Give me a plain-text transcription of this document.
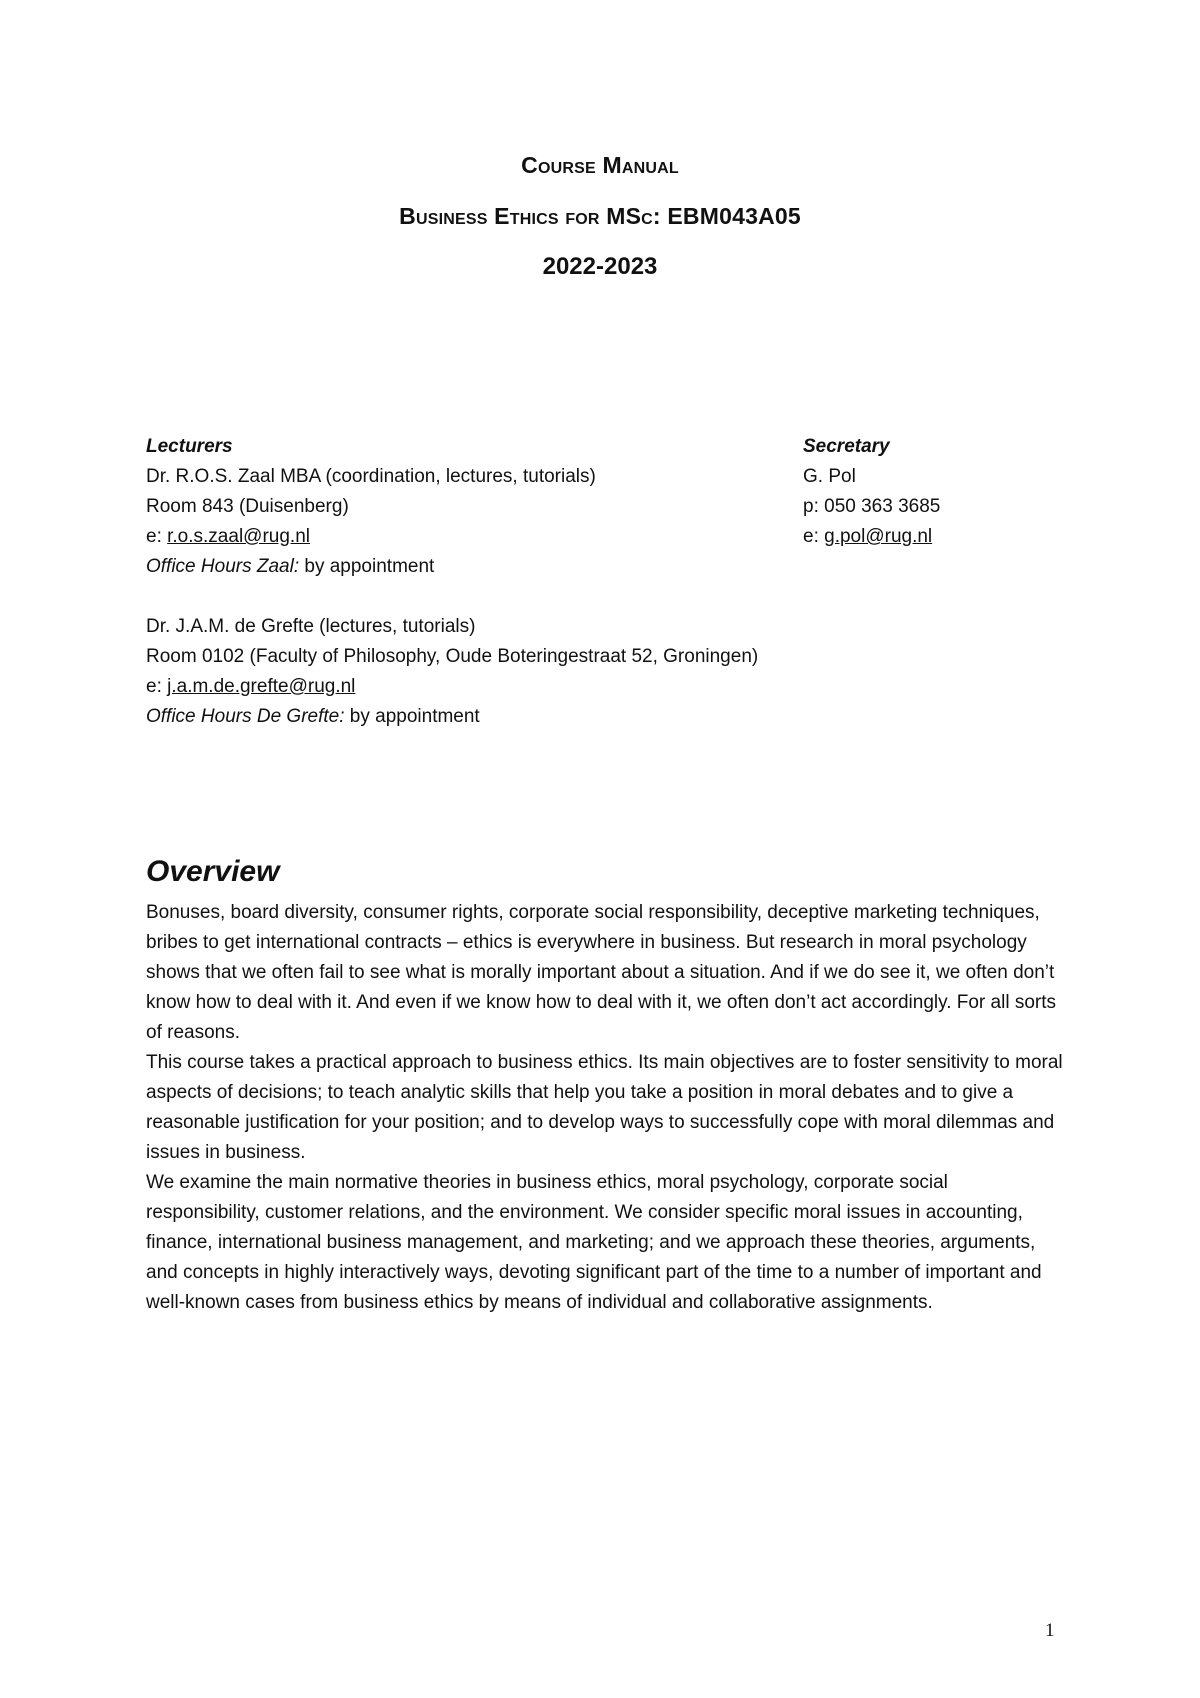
Course Manual
Business Ethics for MSc: EBM043A05
2022-2023
Lecturers
Dr. R.O.S. Zaal MBA (coordination, lectures, tutorials)
Room 843 (Duisenberg)
e: r.o.s.zaal@rug.nl
Office Hours Zaal: by appointment
Secretary
G. Pol
p: 050 363 3685
e: g.pol@rug.nl
Dr. J.A.M. de Grefte (lectures, tutorials)
Room 0102 (Faculty of Philosophy, Oude Boteringestraat 52, Groningen)
e: j.a.m.de.grefte@rug.nl
Office Hours De Grefte: by appointment
Overview

Bonuses, board diversity, consumer rights, corporate social responsibility, deceptive marketing techniques, bribes to get international contracts – ethics is everywhere in business. But research in moral psychology shows that we often fail to see what is morally important about a situation. And if we do see it, we often don’t know how to deal with it. And even if we know how to deal with it, we often don’t act accordingly. For all sorts of reasons.

This course takes a practical approach to business ethics. Its main objectives are to foster sensitivity to moral aspects of decisions; to teach analytic skills that help you take a position in moral debates and to give a reasonable justification for your position; and to develop ways to successfully cope with moral dilemmas and issues in business.

We examine the main normative theories in business ethics, moral psychology, corporate social responsibility, customer relations, and the environment. We consider specific moral issues in accounting, finance, international business management, and marketing; and we approach these theories, arguments, and concepts in highly interactively ways, devoting significant part of the time to a number of important and well-known cases from business ethics by means of individual and collaborative assignments.

1
